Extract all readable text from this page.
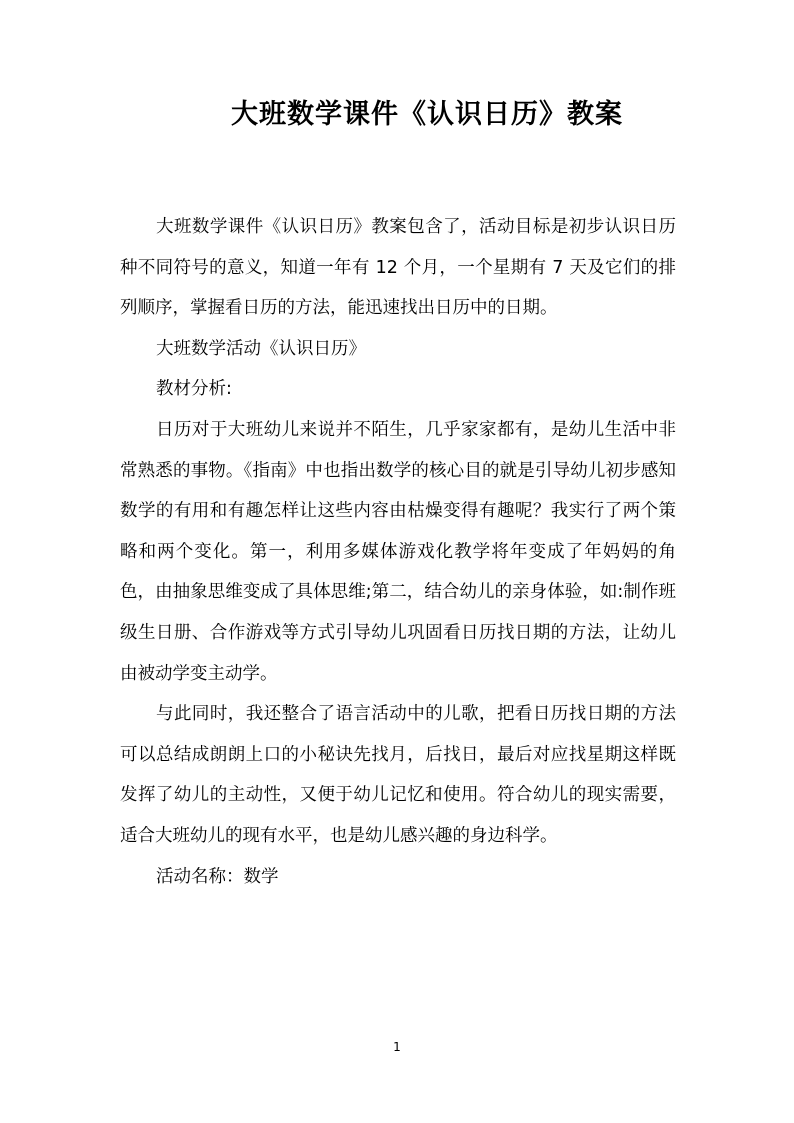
大班数学课件《认识日历》教案

大班数学课件《认识日历》教案包含了，活动目标是初步认识日历种不同符号的意义，知道一年有 12 个月，一个星期有 7 天及它们的排列顺序，掌握看日历的方法，能迅速找出日历中的日期。

大班数学活动《认识日历》

教材分析:

日历对于大班幼儿来说并不陌生，几乎家家都有，是幼儿生活中非常熟悉的事物。《指南》中也指出数学的核心目的就是引导幼儿初步感知数学的有用和有趣怎样让这些内容由枯燥变得有趣呢？我实行了两个策略和两个变化。第一，利用多媒体游戏化教学将年变成了年妈妈的角色，由抽象思维变成了具体思维;第二，结合幼儿的亲身体验，如:制作班级生日册、合作游戏等方式引导幼儿巩固看日历找日期的方法，让幼儿由被动学变主动学。

与此同时，我还整合了语言活动中的儿歌，把看日历找日期的方法可以总结成朗朗上口的小秘诀先找月，后找日，最后对应找星期这样既发挥了幼儿的主动性，又便于幼儿记忆和使用。符合幼儿的现实需要，适合大班幼儿的现有水平，也是幼儿感兴趣的身边科学。

活动名称：数学

1
